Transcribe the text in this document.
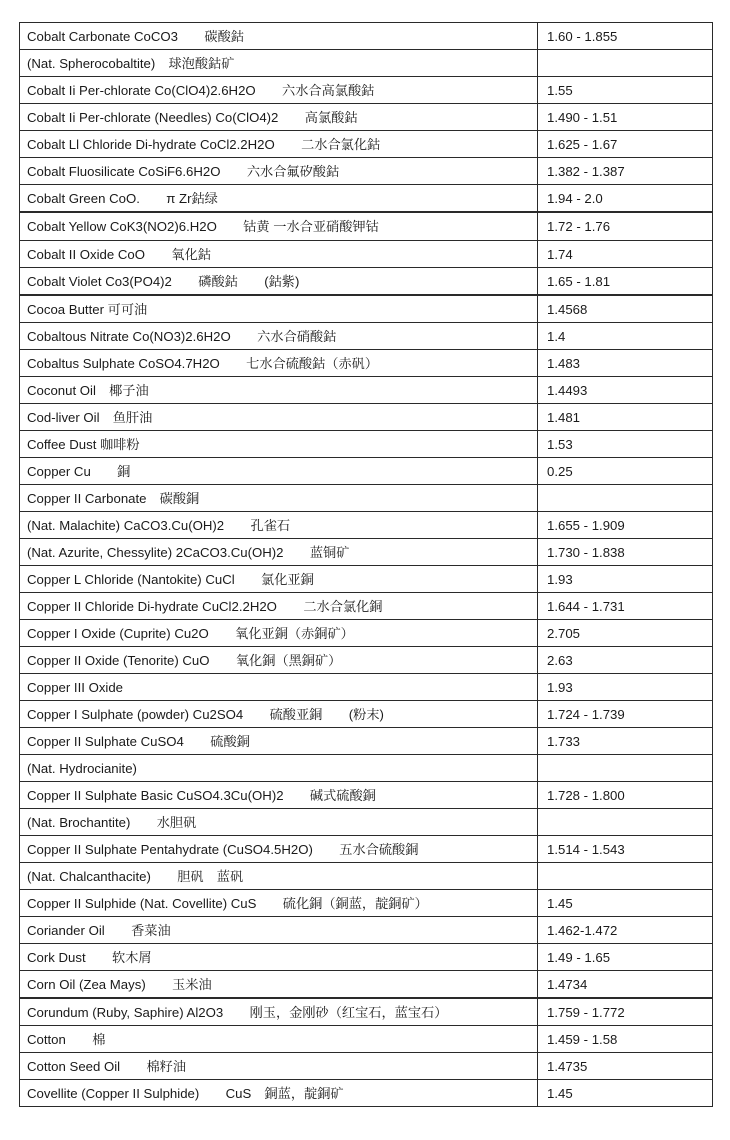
Cobalt Carbonate CoCO3　　碳酸鈷	1.60 - 1.855
(Nat. Spherocobaltite)　球泡酸鈷矿	
Cobalt Ii Per-chlorate Co(ClO4)2.6H2O　　六水合高氯酸鈷	1.55
Cobalt Ii Per-chlorate (Needles) Co(ClO4)2　　高氯酸鈷	1.490 - 1.51
Cobalt Ll Chloride Di-hydrate CoCl2.2H2O　　二水合氯化鈷	1.625 - 1.67
Cobalt Fluosilicate CoSiF6.6H2O　　六水合氟矽酸鈷	1.382 - 1.387
Cobalt Green CoO.　　π Zr鈷绿	1.94 - 2.0
Cobalt Yellow CoK3(NO2)6.H2O　　钴黄 一水合亚硝酸钾钴	1.72 - 1.76
Cobalt II Oxide CoO　　氧化鈷	1.74
Cobalt Violet Co3(PO4)2　　磷酸鈷　　(鈷紫)	1.65 - 1.81
Cocoa Butter 可可油	1.4568
Cobaltous Nitrate Co(NO3)2.6H2O　　六水合硝酸鈷	1.4
Cobaltus Sulphate CoSO4.7H2O　　七水合硫酸鈷（赤矾）	1.483
Coconut Oil　椰子油	1.4493
Cod-liver Oil　鱼肝油	1.481
Coffee Dust 咖啡粉	1.53
Copper Cu　　銅	0.25
Copper II Carbonate　碳酸銅	
(Nat. Malachite) CaCO3.Cu(OH)2　　孔雀石	1.655 - 1.909
(Nat. Azurite, Chessylite) 2CaCO3.Cu(OH)2　　蓝铜矿	1.730 - 1.838
Copper L Chloride (Nantokite) CuCl　　氯化亚銅	1.93
Copper II Chloride Di-hydrate CuCl2.2H2O　　二水合氯化銅	1.644 - 1.731
Copper I Oxide (Cuprite) Cu2O　　氧化亚銅（赤銅矿）	2.705
Copper II Oxide (Tenorite) CuO　　氧化銅（黑銅矿）	2.63
Copper III Oxide	1.93
Copper I Sulphate (powder) Cu2SO4　　硫酸亚銅　　(粉末)	1.724 - 1.739
Copper II Sulphate CuSO4　　硫酸銅	1.733
(Nat. Hydrocianite)	
Copper II Sulphate Basic CuSO4.3Cu(OH)2　　碱式硫酸銅	1.728 - 1.800
(Nat. Brochantite)　　水胆矾	
Copper II Sulphate Pentahydrate (CuSO4.5H2O)　　五水合硫酸銅	1.514 - 1.543
(Nat. Chalcanthacite)　　胆矾　蓝矾	
Copper II Sulphide (Nat. Covellite) CuS　　硫化銅（銅蓝，靛銅矿）	1.45
Coriander Oil　　香菜油	1.462-1.472
Cork Dust　　软木屑	1.49 - 1.65
Corn Oil (Zea Mays)　　玉米油	1.4734
Corundum (Ruby, Saphire) Al2O3　　刚玉，金刚砂（红宝石，蓝宝石）	1.759 - 1.772
Cotton　　棉	1.459 - 1.58
Cotton Seed Oil　　棉籽油	1.4735
Covellite (Copper II Sulphide)　　CuS　銅蓝，靛銅矿	1.45
